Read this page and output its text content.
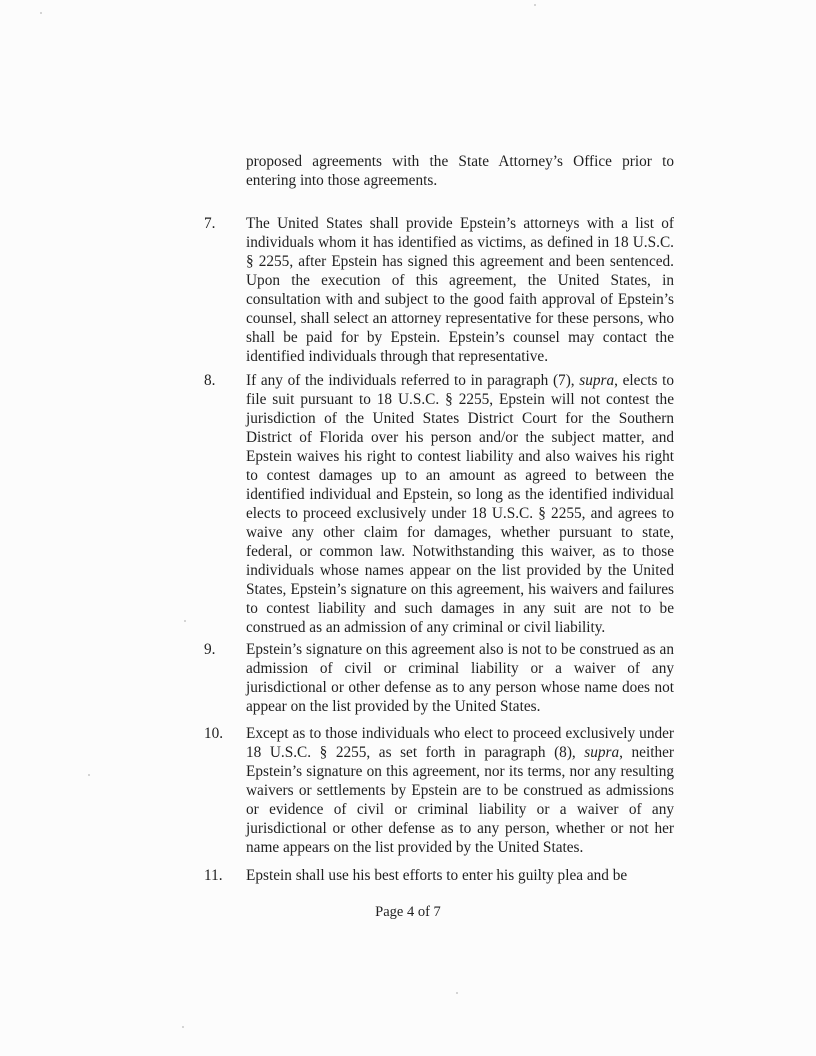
proposed agreements with the State Attorney’s Office prior to entering into those agreements.

7. The United States shall provide Epstein’s attorneys with a list of individuals whom it has identified as victims, as defined in 18 U.S.C. § 2255, after Epstein has signed this agreement and been sentenced. Upon the execution of this agreement, the United States, in consultation with and subject to the good faith approval of Epstein’s counsel, shall select an attorney representative for these persons, who shall be paid for by Epstein. Epstein’s counsel may contact the identified individuals through that representative.

8. If any of the individuals referred to in paragraph (7), supra, elects to file suit pursuant to 18 U.S.C. § 2255, Epstein will not contest the jurisdiction of the United States District Court for the Southern District of Florida over his person and/or the subject matter, and Epstein waives his right to contest liability and also waives his right to contest damages up to an amount as agreed to between the identified individual and Epstein, so long as the identified individual elects to proceed exclusively under 18 U.S.C. § 2255, and agrees to waive any other claim for damages, whether pursuant to state, federal, or common law. Notwithstanding this waiver, as to those individuals whose names appear on the list provided by the United States, Epstein’s signature on this agreement, his waivers and failures to contest liability and such damages in any suit are not to be construed as an admission of any criminal or civil liability.

9. Epstein’s signature on this agreement also is not to be construed as an admission of civil or criminal liability or a waiver of any jurisdictional or other defense as to any person whose name does not appear on the list provided by the United States.

10. Except as to those individuals who elect to proceed exclusively under 18 U.S.C. § 2255, as set forth in paragraph (8), supra, neither Epstein’s signature on this agreement, nor its terms, nor any resulting waivers or settlements by Epstein are to be construed as admissions or evidence of civil or criminal liability or a waiver of any jurisdictional or other defense as to any person, whether or not her name appears on the list provided by the United States.

11. Epstein shall use his best efforts to enter his guilty plea and be

Page 4 of 7
